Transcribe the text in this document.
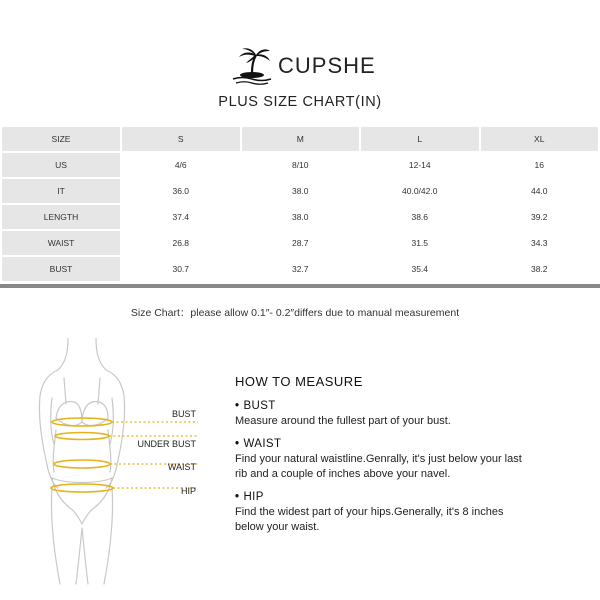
CUPSHE
PLUS SIZE CHART(IN)
SIZE	S	M	L	XL
US	4/6	8/10	12-14	16
IT	36.0	38.0	40.0/42.0	44.0
LENGTH	37.4	38.0	38.6	39.2
WAIST	26.8	28.7	31.5	34.3
BUST	30.7	32.7	35.4	38.2
Size Chart：please allow 0.1″- 0.2″differs due to manual measurement
BUST
UNDER BUST
WAIST
HIP
HOW TO MEASURE
• BUST
Measure around the fullest part of your bust.
• WAIST
Find your natural waistline.Genrally, it's just below your last
rib and a couple of inches above your navel.
• HIP
Find the widest part of your hips.Generally, it's 8 inches
below your waist.
